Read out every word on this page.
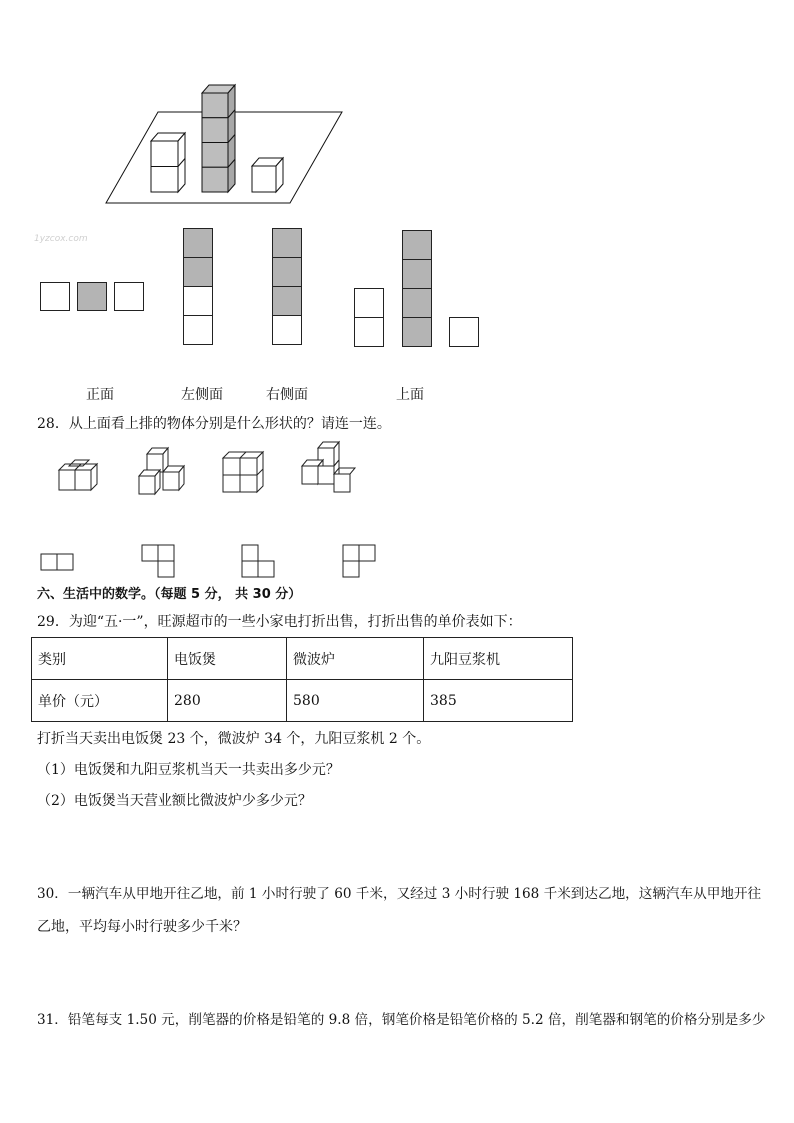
1yzcox.com
正面	左侧面	右侧面	上面
28．从上面看上排的物体分别是什么形状的？请连一连。
六、生活中的数学。（每题 5 分， 共 30 分）
29．为迎“五·一”，旺源超市的一些小家电打折出售，打折出售的单价表如下：
类别	电饭煲	微波炉	九阳豆浆机
单价（元）	280	580	385
打折当天卖出电饭煲 23 个，微波炉 34 个，九阳豆浆机 2 个。
（1）电饭煲和九阳豆浆机当天一共卖出多少元？
（2）电饭煲当天营业额比微波炉少多少元？
30．一辆汽车从甲地开往乙地，前 1 小时行驶了 60 千米，又经过 3 小时行驶 168 千米到达乙地，这辆汽车从甲地开往
乙地，平均每小时行驶多少千米？
31．铅笔每支 1.50 元，削笔器的价格是铅笔的 9.8 倍，钢笔价格是铅笔价格的 5.2 倍，削笔器和钢笔的价格分别是多少
